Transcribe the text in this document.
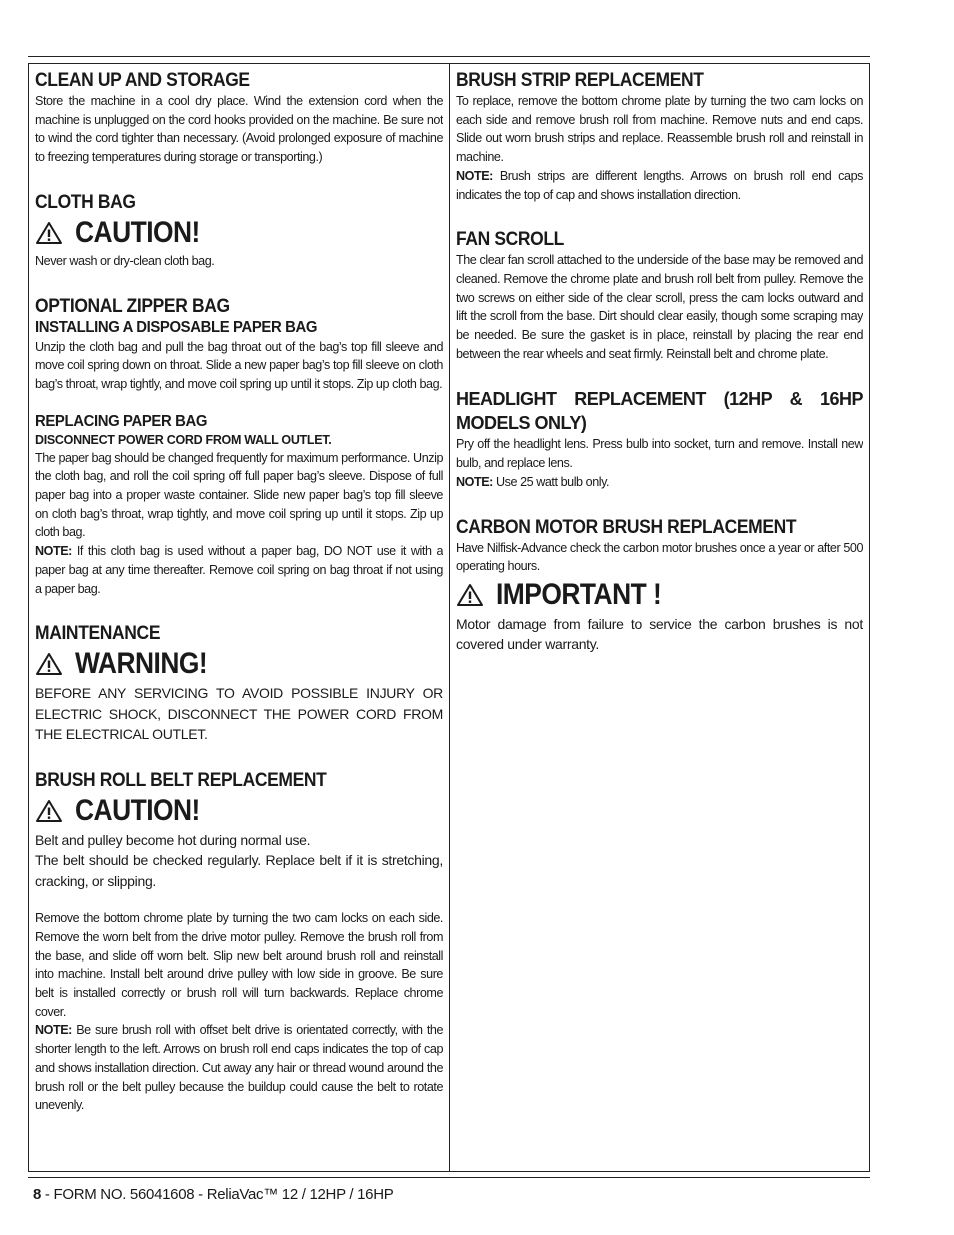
CLEAN UP AND STORAGE

Store the machine in a cool dry place. Wind the extension cord when the machine is unplugged on the cord hooks provided on the machine. Be sure not to wind the cord tighter than necessary. (Avoid prolonged exposure of machine to freezing temperatures during storage or transporting.)

CLOTH BAG
CAUTION!

Never wash or dry-clean cloth bag.

OPTIONAL ZIPPER BAG
INSTALLING A DISPOSABLE PAPER BAG

Unzip the cloth bag and pull the bag throat out of the bag’s top fill sleeve and move coil spring down on throat. Slide a new paper bag’s top fill sleeve on cloth bag’s throat, wrap tightly, and move coil spring up until it stops. Zip up cloth bag.

REPLACING PAPER BAG
DISCONNECT POWER CORD FROM WALL OUTLET.

The paper bag should be changed frequently for maximum performance. Unzip the cloth bag, and roll the coil spring off full paper bag’s sleeve. Dispose of full paper bag into a proper waste container. Slide new paper bag’s top fill sleeve on cloth bag’s throat, wrap tightly, and move coil spring up until it stops. Zip up cloth bag.

NOTE: If this cloth bag is used without a paper bag, DO NOT use it with a paper bag at any time thereafter. Remove coil spring on bag throat if not using a paper bag.

MAINTENANCE
WARNING!

BEFORE ANY SERVICING TO AVOID POSSIBLE INJURY OR ELECTRIC SHOCK, DISCONNECT THE POWER CORD FROM THE ELECTRICAL OUTLET.

BRUSH ROLL BELT REPLACEMENT
CAUTION!

Belt and pulley become hot during normal use.

The belt should be checked regularly. Replace belt if it is stretching, cracking, or slipping.

Remove the bottom chrome plate by turning the two cam locks on each side. Remove the worn belt from the drive motor pulley. Remove the brush roll from the base, and slide off worn belt. Slip new belt around brush roll and reinstall into machine. Install belt around drive pulley with low side in groove. Be sure belt is installed correctly or brush roll will turn backwards. Replace chrome cover.

NOTE: Be sure brush roll with offset belt drive is orientated correctly, with the shorter length to the left. Arrows on brush roll end caps indicates the top of cap and shows installation direction. Cut away any hair or thread wound around the brush roll or the belt pulley because the buildup could cause the belt to rotate unevenly.

BRUSH STRIP REPLACEMENT

To replace, remove the bottom chrome plate by turning the two cam locks on each side and remove brush roll from machine. Remove nuts and end caps. Slide out worn brush strips and replace. Reassemble brush roll and reinstall in machine.

NOTE: Brush strips are different lengths. Arrows on brush roll end caps indicates the top of cap and shows installation direction.

FAN SCROLL

The clear fan scroll attached to the underside of the base may be removed and cleaned. Remove the chrome plate and brush roll belt from pulley. Remove the two screws on either side of the clear scroll, press the cam locks outward and lift the scroll from the base. Dirt should clear easily, though some scraping may be needed. Be sure the gasket is in place, reinstall by placing the rear end between the rear wheels and seat firmly. Reinstall belt and chrome plate.

HEADLIGHT REPLACEMENT (12HP & 16HP MODELS ONLY)

Pry off the headlight lens. Press bulb into socket, turn and remove. Install new bulb, and replace lens.

NOTE: Use 25 watt bulb only.

CARBON MOTOR BRUSH REPLACEMENT

Have Nilfisk-Advance check the carbon motor brushes once a year or after 500 operating hours.

IMPORTANT !

Motor damage from failure to service the carbon brushes is not covered under warranty.

8 - FORM NO. 56041608 - ReliaVac™ 12 / 12HP / 16HP
